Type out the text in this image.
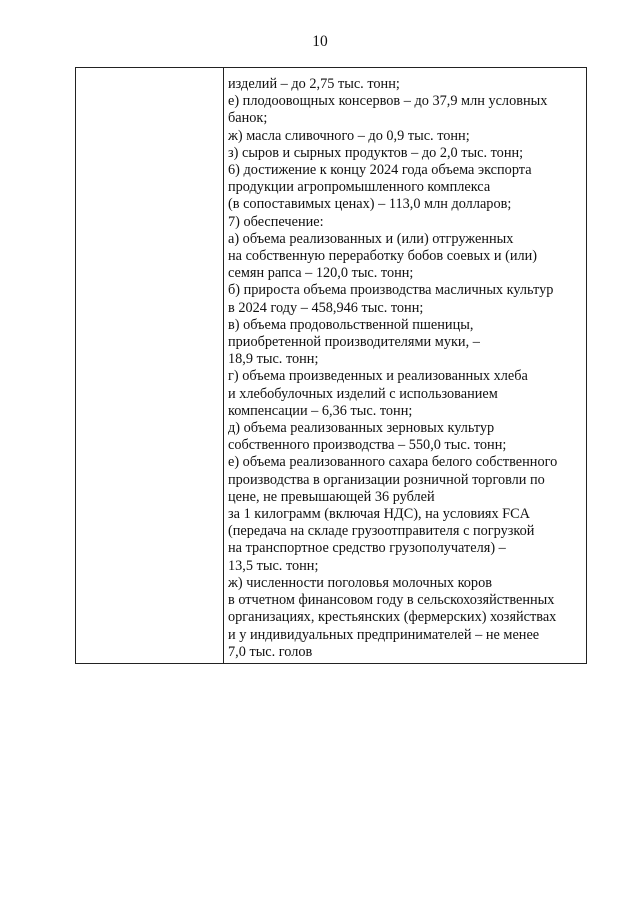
10
изделий – до 2,75 тыс. тонн;
е) плодоовощных консервов – до 37,9 млн условных
банок;
ж) масла сливочного – до 0,9 тыс. тонн;
з) сыров и сырных продуктов – до 2,0 тыс. тонн;
6) достижение к концу 2024 года объема экспорта
продукции агропромышленного комплекса
(в сопоставимых ценах) – 113,0 млн долларов;
7) обеспечение:
а) объема реализованных и (или) отгруженных
на собственную переработку бобов соевых и (или)
семян рапса – 120,0 тыс. тонн;
б) прироста объема производства масличных культур
в 2024 году – 458,946 тыс. тонн;
в) объема продовольственной пшеницы,
приобретенной производителями муки, –
18,9 тыс. тонн;
г) объема произведенных и реализованных хлеба
и хлебобулочных изделий с использованием
компенсации – 6,36 тыс. тонн;
д) объема реализованных зерновых культур
собственного производства – 550,0 тыс. тонн;
е) объема реализованного сахара белого собственного
производства в организации розничной торговли по
цене, не превышающей 36 рублей
за 1 килограмм (включая НДС), на условиях FCA
(передача на складе грузоотправителя с погрузкой
на транспортное средство грузополучателя) –
13,5 тыс. тонн;
ж) численности поголовья молочных коров
в отчетном финансовом году в сельскохозяйственных
организациях, крестьянских (фермерских) хозяйствах
и у индивидуальных предпринимателей – не менее
7,0 тыс. голов
